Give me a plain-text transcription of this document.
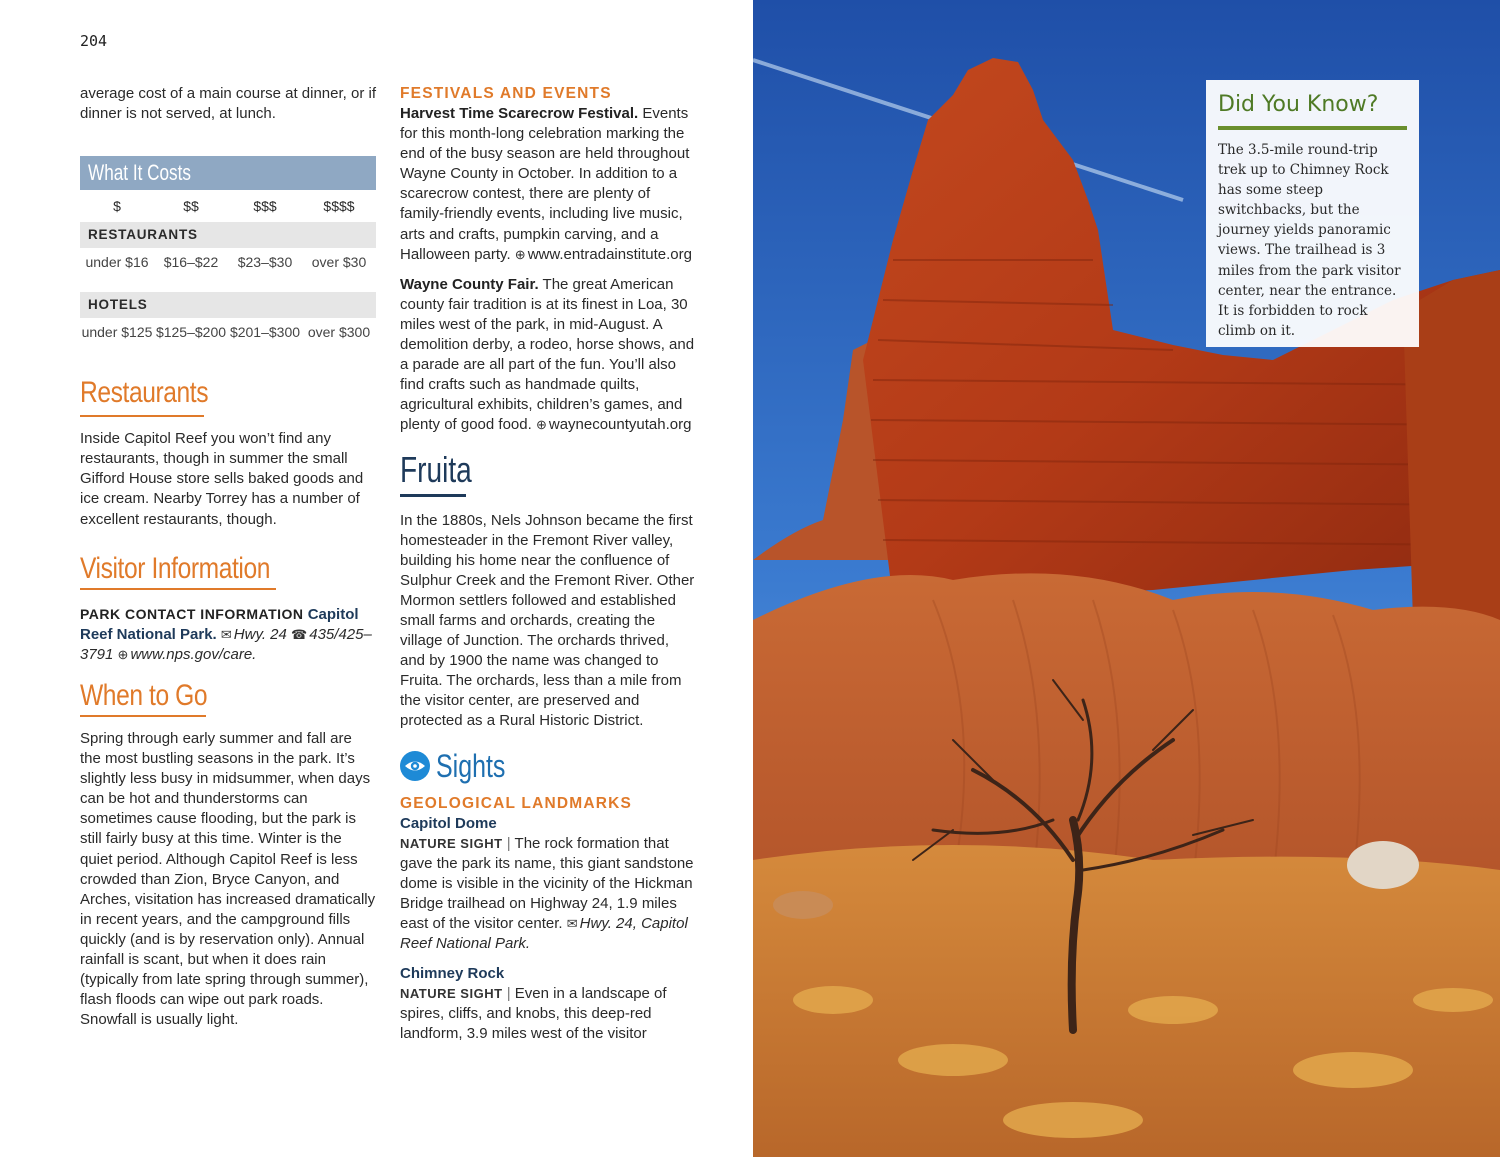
204

average cost of a main course at dinner, or if dinner is not served, at lunch.

What It Costs
$	$$	$$$	$$$$
RESTAURANTS
under $16	$16–$22	$23–$30	over $30
HOTELS
under $125 $125–$200 $201–$300 over $300
Restaurants

Inside Capitol Reef you won’t find any restaurants, though in summer the small Gifford House store sells baked goods and ice cream. Nearby Torrey has a number of excellent restaurants, though.

Visitor Information

PARK CONTACT INFORMATION Capitol Reef National Park. ✉ Hwy. 24 ☎ 435/425–3791 ⊕ www.nps.gov/care.

When to Go

Spring through early summer and fall are the most bustling seasons in the park. It’s slightly less busy in midsummer, when days can be hot and thunderstorms can sometimes cause flooding, but the park is still fairly busy at this time. Winter is the quiet period. Although Capitol Reef is less crowded than Zion, Bryce Canyon, and Arches, visitation has increased dramatically in recent years, and the campground fills quickly (and is by reservation only). Annual rainfall is scant, but when it does rain (typically from late spring through summer), flash floods can wipe out park roads. Snowfall is usually light.

FESTIVALS AND EVENTS

Harvest Time Scarecrow Festival. Events for this month-long celebration marking the end of the busy season are held throughout Wayne County in October. In addition to a scarecrow contest, there are plenty of family-friendly events, including live music, arts and crafts, pumpkin carving, and a Halloween party. ⊕ www.entradainstitute.org

Wayne County Fair. The great American county fair tradition is at its finest in Loa, 30 miles west of the park, in mid-August. A demolition derby, a rodeo, horse shows, and a parade are all part of the fun. You’ll also find crafts such as handmade quilts, agricultural exhibits, children’s games, and plenty of good food. ⊕ waynecountyutah.org

Fruita

In the 1880s, Nels Johnson became the first homesteader in the Fremont River valley, building his home near the confluence of Sulphur Creek and the Fremont River. Other Mormon settlers followed and established small farms and orchards, creating the village of Junction. The orchards thrived, and by 1900 the name was changed to Fruita. The orchards, less than a mile from the visitor center, are preserved and protected as a Rural Historic District.

Sights
GEOLOGICAL LANDMARKS
Capitol Dome

NATURE SIGHT | The rock formation that gave the park its name, this giant sandstone dome is visible in the vicinity of the Hickman Bridge trailhead on Highway 24, 1.9 miles east of the visitor center. ✉ Hwy. 24, Capitol Reef National Park.

Chimney Rock

NATURE SIGHT | Even in a landscape of spires, cliffs, and knobs, this deep-red landform, 3.9 miles west of the visitor

Did You Know?
The 3.5-mile round-trip trek up to Chimney Rock has some steep switchbacks, but the journey yields panoramic views. The trailhead is 3 miles from the park visitor center, near the entrance. It is forbidden to rock climb on it.
